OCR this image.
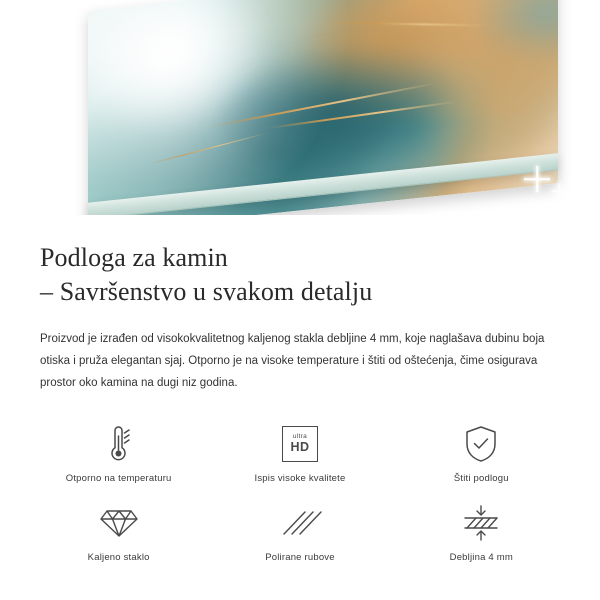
Podloga za kamin
– Savršenstvo u svakom detalju

Proizvod je izrađen od visokokvalitetnog kaljenog stakla debljine 4 mm, koje naglašava dubinu boja otiska i pruža elegantan sjaj. Otporno je na visoke temperature i štiti od oštećenja, čime osigurava prostor oko kamina na dugi niz godina.

Otporno na temperaturu
ultra
HD
Ispis visoke kvalitete	Štiti podlogu
Kaljeno staklo	Polirane rubove	Debljina 4 mm
